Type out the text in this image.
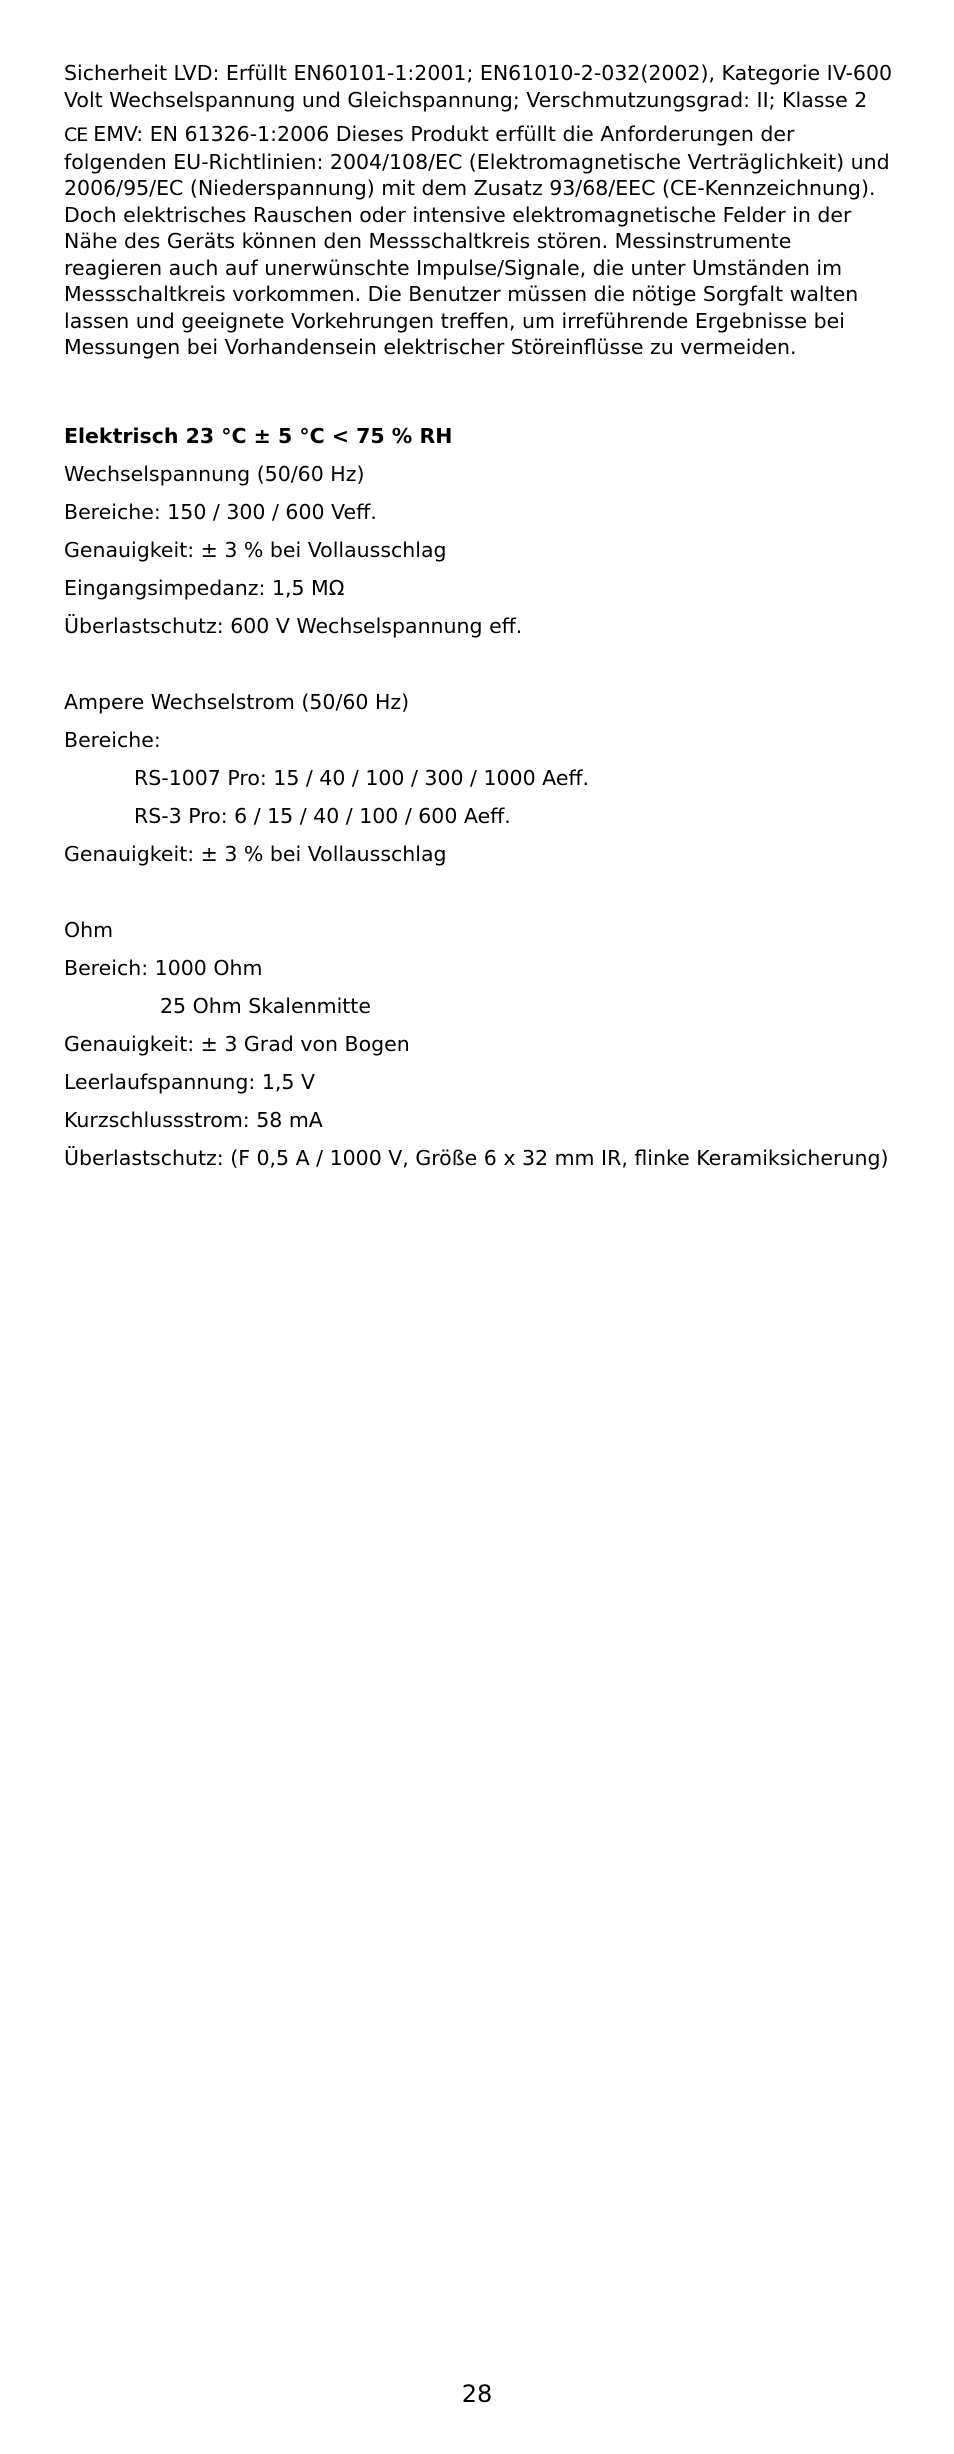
Sicherheit LVD: Erfüllt EN60101-1:2001; EN61010-2-032(2002), Kategorie IV-600 Volt Wechselspannung und Gleichspannung; Verschmutzungsgrad: II; Klasse 2

CE EMV: EN 61326-1:2006 Dieses Produkt erfüllt die Anforderungen der folgenden EU-Richtlinien: 2004/108/EC (Elektromagnetische Verträglichkeit) und 2006/95/EC (Niederspannung) mit dem Zusatz 93/68/EEC (CE-Kennzeichnung). Doch elektrisches Rauschen oder intensive elektromagnetische Felder in der Nähe des Geräts können den Messschaltkreis stören. Messinstrumente reagieren auch auf unerwünschte Impulse/Signale, die unter Umständen im Messschaltkreis vorkommen. Die Benutzer müssen die nötige Sorgfalt walten lassen und geeignete Vorkehrungen treffen, um irreführende Ergebnisse bei Messungen bei Vorhandensein elektrischer Störeinflüsse zu vermeiden.

Elektrisch 23 °C ± 5 °C < 75 % RH
Wechselspannung (50/60 Hz)
Bereiche: 150 / 300 / 600 Veff.
Genauigkeit: ± 3 % bei Vollausschlag
Eingangsimpedanz: 1,5 MΩ
Überlastschutz: 600 V Wechselspannung eff.
Ampere Wechselstrom (50/60 Hz)
Bereiche:
RS-1007 Pro: 15 / 40 / 100 / 300 / 1000 Aeff.
RS-3 Pro: 6 / 15 / 40 / 100 / 600 Aeff.
Genauigkeit: ± 3 % bei Vollausschlag
Ohm
Bereich: 1000 Ohm
25 Ohm Skalenmitte
Genauigkeit: ± 3 Grad von Bogen
Leerlaufspannung: 1,5 V
Kurzschlussstrom: 58 mA
Überlastschutz: (F 0,5 A / 1000 V, Größe 6 x 32 mm IR, flinke Keramiksicherung)
28
